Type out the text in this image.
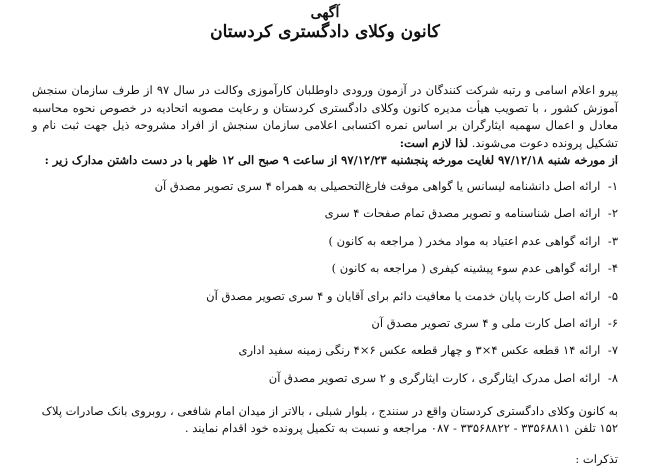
آگهی
کانون وکلای دادگستری کردستان
پیرو اعلام اسامی و رتبه شرکت کنندگان در آزمون ورودی داوطلبان کارآموزی وکالت در سال ۹۷ از طرف سازمان سنجش آموزش کشور ، با تصویب هیأت مدیره کانون وکلای دادگستری کردستان و رعایت مصوبه اتحادیه در خصوص نحوه محاسبه معادل و اعمال سهمیه ایثارگران بر اساس نمره اکتسابی اعلامی سازمان سنجش از افراد مشروحه ذیل جهت ثبت نام و تشکیل پرونده دعوت می‌شوند. لذا لازم است:
از مورخه شنبه ۹۷/۱۲/۱۸ لغایت مورخه پنجشنبه ۹۷/۱۲/۲۳ از ساعت ۹ صبح الی ۱۲ ظهر با در دست داشتن مدارک زیر :
۱- ارائه اصل دانشنامه لیسانس یا گواهی موقت فارغ‌التحصیلی به همراه ۴ سری تصویر مصدق آن
۲- ارائه اصل شناسنامه و تصویر مصدق تمام صفحات ۴ سری
۳- ارائه گواهی عدم اعتیاد به مواد مخدر ( مراجعه به کانون )
۴- ارائه گواهی عدم سوء پیشینه کیفری ( مراجعه به کانون )
۵- ارائه اصل کارت پایان خدمت یا معافیت دائم برای آقایان و ۴ سری تصویر مصدق آن
۶- ارائه اصل کارت ملی و ۴ سری تصویر مصدق آن
۷- ارائه ۱۴ قطعه عکس ۴×۳ و چهار قطعه عکس ۶×۴ رنگی زمینه سفید اداری
۸- ارائه اصل مدرک ایثارگری ، کارت ایثارگری و ۲ سری تصویر مصدق آن
به کانون وکلای دادگستری کردستان واقع در سنندج ، بلوار شبلی ، بالاتر از میدان امام شافعی ، روبروی بانک صادرات پلاک ۱۵۲ تلفن ۳۳۵۶۸۸۱۱ - ۳۳۵۶۸۸۲۲ - ۰۸۷ مراجعه و نسبت به تکمیل پرونده خود اقدام نمایند .
تذکرات :
